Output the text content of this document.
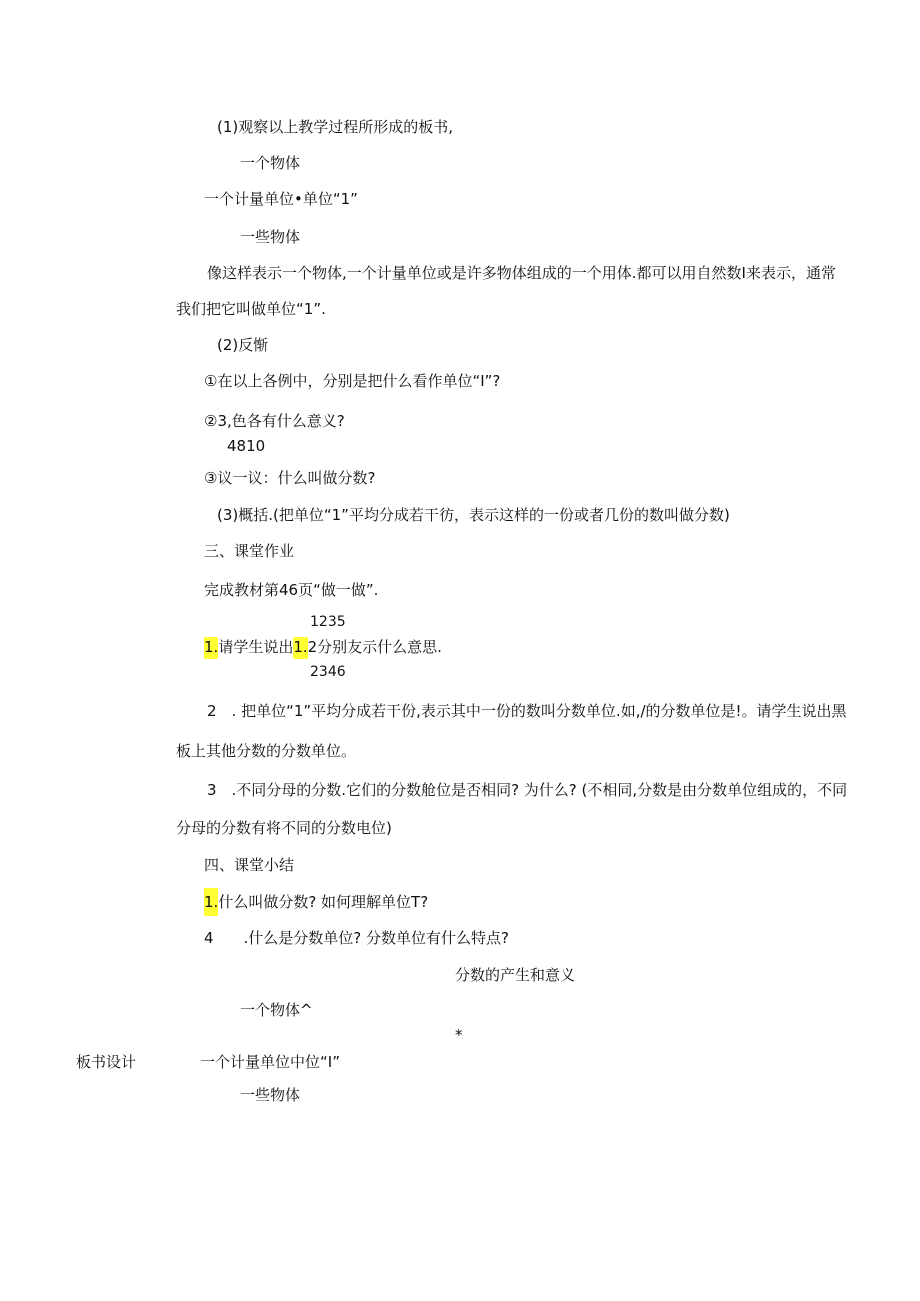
(1)观察以上教学过程所形成的板书,
一个物体
一个计量单位•单位“1”
一些物体
像这样表示一个物体,一个计量单位或是许多物体组成的一个用体.都可以用自然数I来表示，通常
我们把它叫做单位“1”.
(2)反惭
①在以上各例中，分别是把什么看作单位“I”?
②3,色各有什么意义?
4810
③议一议：什么叫做分数?
(3)概括.(把单位“1”平均分成若干彷，表示这样的一份或者几份的数叫做分数)
三、课堂作业
完成教材第46页“做一做”.
1235
1.请学生说出1.2分别友示什么意思.
2346
2　. 把单位“1”平均分成若干份,表示其中一份的数叫分数单位.如,/的分数单位是!。请学生说出黑
板上其他分数的分数单位。
3　.不同分母的分数.它们的分数舱位是否相同? 为什么? (不相同,分数是由分数单位组成的，不同
分母的分数有将不同的分数电位)
四、课堂小结
1.什么叫做分数? 如何理解单位T?
4　　.什么是分数单位? 分数单位有什么特点?
分数的产生和意义
一个物体^
*
板书设计	一个计量单位中位“I”
一些物体
